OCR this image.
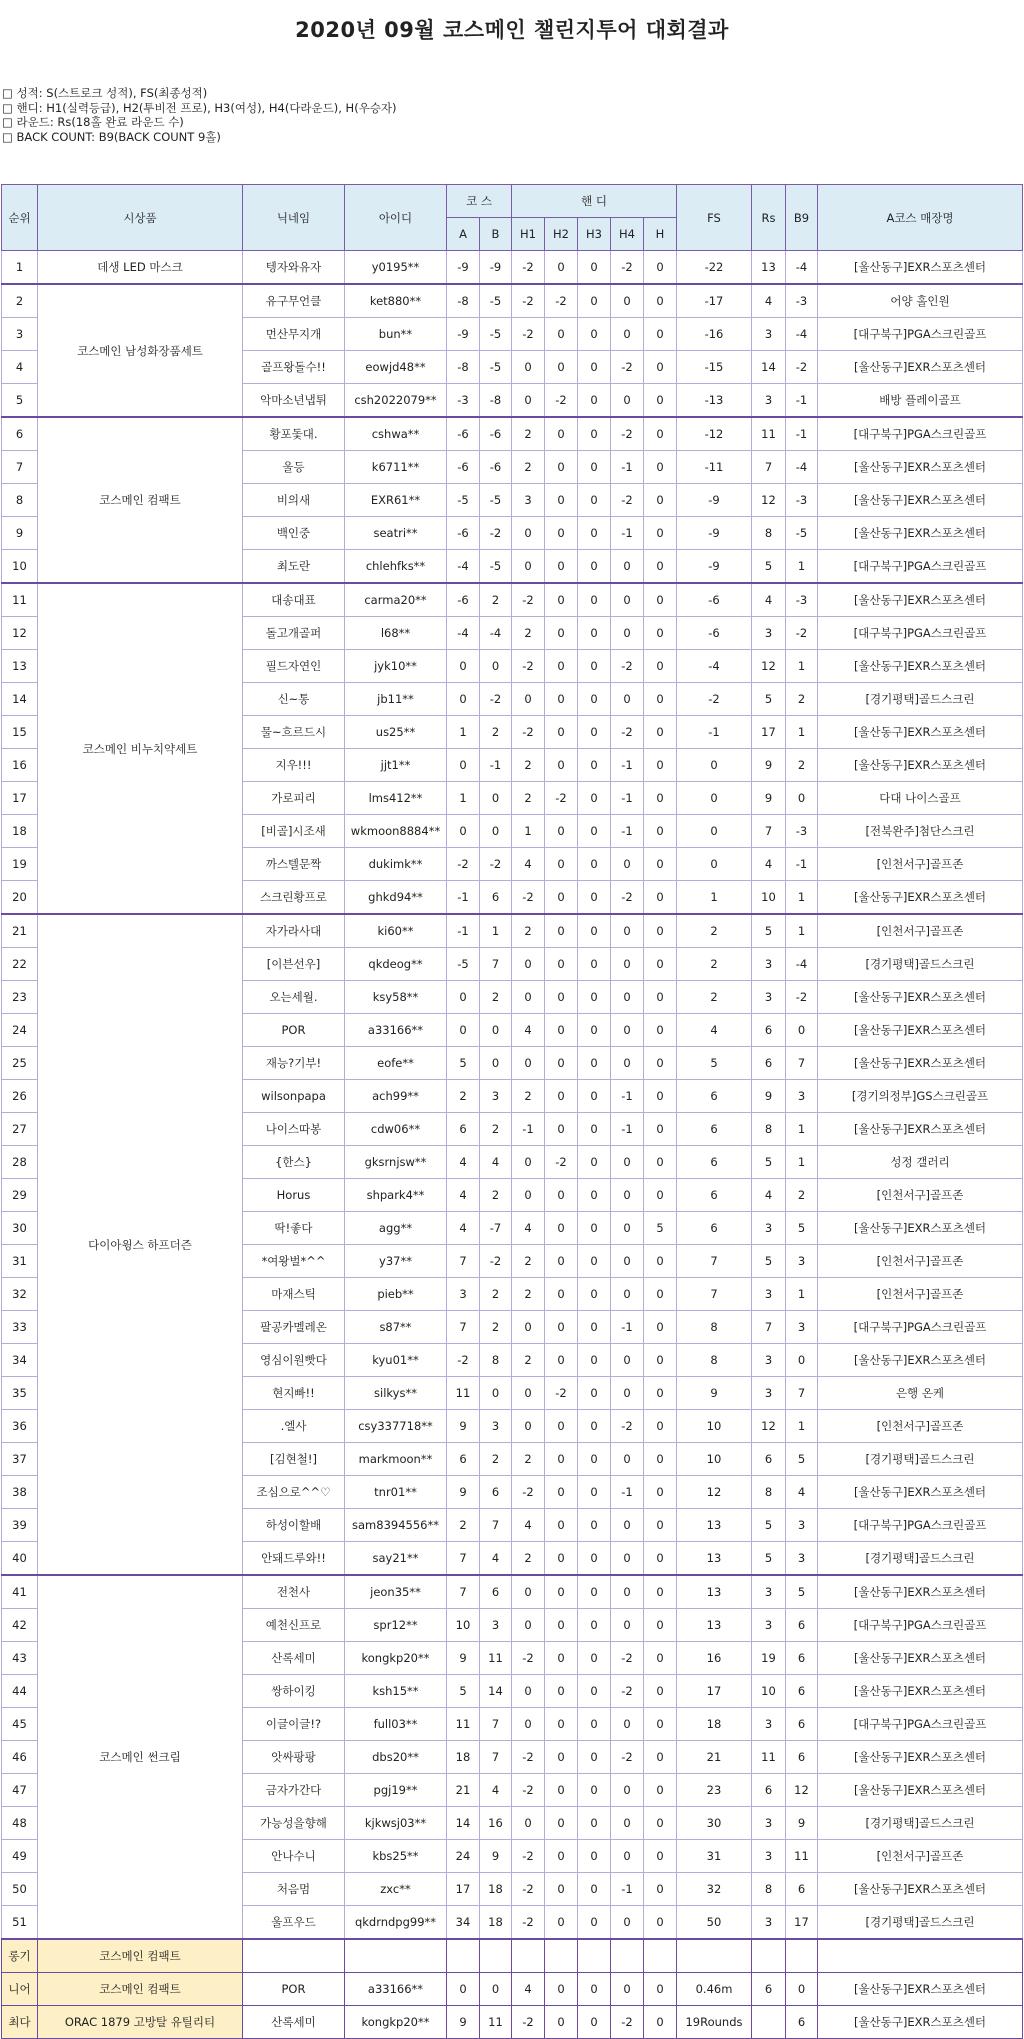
2020년 09월 코스메인 챌린지투어 대회결과
□ 성적: S(스트로크 성적), FS(최종성적)
□ 핸디: H1(실력등급), H2(투비전 프로), H3(여성), H4(다라운드), H(우승자)
□ 라운드: Rs(18홀 완료 라운드 수)
□ BACK COUNT: B9(BACK COUNT 9홀)
순위	시상품	닉네임	아이디	코 스		핸 디					FS	Rs	B9	A코스 매장명
				A	B	H1	H2	H3	H4	H				
1	데생 LED 마스크	텡자와유자	y0195**	-9	-9	-2	0	0	-2	0	-22	13	-4	[울산동구]EXR스포츠센터
2	코스메인 남성화장품세트	유구무언클	ket880**	-8	-5	-2	-2	0	0	0	-17	4	-3	어양 홀인원
3		먼산무지개	bun**	-9	-5	-2	0	0	0	0	-16	3	-4	[대구북구]PGA스크린골프
4		골프왕돌수!!	eowjd48**	-8	-5	0	0	0	-2	0	-15	14	-2	[울산동구]EXR스포츠센터
5		악마소년냅튀	csh2022079**	-3	-8	0	-2	0	0	0	-13	3	-1	배방 플레이골프
6	코스메인 컴팩트	황포돛대.	cshwa**	-6	-6	2	0	0	-2	0	-12	11	-1	[대구북구]PGA스크린골프
7		울등	k6711**	-6	-6	2	0	0	-1	0	-11	7	-4	[울산동구]EXR스포츠센터
8		비의새	EXR61**	-5	-5	3	0	0	-2	0	-9	12	-3	[울산동구]EXR스포츠센터
9		백인중	seatri**	-6	-2	0	0	0	-1	0	-9	8	-5	[울산동구]EXR스포츠센터
10		최도란	chlehfks**	-4	-5	0	0	0	0	0	-9	5	1	[대구북구]PGA스크린골프
11	코스메인 비누치약세트	대송대표	carma20**	-6	2	-2	0	0	0	0	-6	4	-3	[울산동구]EXR스포츠센터
12		돌고개골퍼	l68**	-4	-4	2	0	0	0	0	-6	3	-2	[대구북구]PGA스크린골프
13		필드자연인	jyk10**	0	0	-2	0	0	-2	0	-4	12	1	[울산동구]EXR스포츠센터
14		신~통	jb11**	0	-2	0	0	0	0	0	-2	5	2	[경기평택]골드스크린
15		물~흐르드시	us25**	1	2	-2	0	0	-2	0	-1	17	1	[울산동구]EXR스포츠센터
16		지우!!!	jjt1**	0	-1	2	0	0	-1	0	0	9	2	[울산동구]EXR스포츠센터
17		가로피리	lms412**	1	0	2	-2	0	-1	0	0	9	0	다대 나이스골프
18		[비골]시조새	wkmoon8884**	0	0	1	0	0	-1	0	0	7	-3	[전북완주]첨단스크린
19		까스텔문짝	dukimk**	-2	-2	4	0	0	0	0	0	4	-1	[인천서구]골프존
20		스크린황프로	ghkd94**	-1	6	-2	0	0	-2	0	1	10	1	[울산동구]EXR스포츠센터
21	다이아윙스 하프더즌	자가라사대	ki60**	-1	1	2	0	0	0	0	2	5	1	[인천서구]골프존
22		[이븐선우]	qkdeog**	-5	7	0	0	0	0	0	2	3	-4	[경기평택]골드스크린
23		오는세월.	ksy58**	0	2	0	0	0	0	0	2	3	-2	[울산동구]EXR스포츠센터
24		POR	a33166**	0	0	4	0	0	0	0	4	6	0	[울산동구]EXR스포츠센터
25		재능?기부!	eofe**	5	0	0	0	0	0	0	5	6	7	[울산동구]EXR스포츠센터
26		wilsonpapa	ach99**	2	3	2	0	0	-1	0	6	9	3	[경기의정부]GS스크린골프
27		나이스따봉	cdw06**	6	2	-1	0	0	-1	0	6	8	1	[울산동구]EXR스포츠센터
28		{한스}	gksrnjsw**	4	4	0	-2	0	0	0	6	5	1	성정 갤러리
29		Horus	shpark4**	4	2	0	0	0	0	0	6	4	2	[인천서구]골프존
30		딱!좋다	agg**	4	-7	4	0	0	0	5	6	3	5	[울산동구]EXR스포츠센터
31		*여왕벌*^^	y37**	7	-2	2	0	0	0	0	7	5	3	[인천서구]골프존
32		마재스틱	pieb**	3	2	2	0	0	0	0	7	3	1	[인천서구]골프존
33		팔공카멜레온	s87**	7	2	0	0	0	-1	0	8	7	3	[대구북구]PGA스크린골프
34		영심이원빳다	kyu01**	-2	8	2	0	0	0	0	8	3	0	[울산동구]EXR스포츠센터
35		현지빠!!	silkys**	11	0	0	-2	0	0	0	9	3	7	은행 온케
36		.엘사	csy337718**	9	3	0	0	0	-2	0	10	12	1	[인천서구]골프존
37		[김현철!]	markmoon**	6	2	2	0	0	0	0	10	6	5	[경기평택]골드스크린
38		조심으로^^♡	tnr01**	9	6	-2	0	0	-1	0	12	8	4	[울산동구]EXR스포츠센터
39		하성이할배	sam8394556**	2	7	4	0	0	0	0	13	5	3	[대구북구]PGA스크린골프
40		안돼드루와!!	say21**	7	4	2	0	0	0	0	13	5	3	[경기평택]골드스크린
41	코스메인 썬크림	전천사	jeon35**	7	6	0	0	0	0	0	13	3	5	[울산동구]EXR스포츠센터
42		예천신프로	spr12**	10	3	0	0	0	0	0	13	3	6	[대구북구]PGA스크린골프
43		산록세미	kongkp20**	9	11	-2	0	0	-2	0	16	19	6	[울산동구]EXR스포츠센터
44		쌍하이킹	ksh15**	5	14	0	0	0	-2	0	17	10	6	[울산동구]EXR스포츠센터
45		이글이글!?	full03**	11	7	0	0	0	0	0	18	3	6	[대구북구]PGA스크린골프
46		앗싸팡팡	dbs20**	18	7	-2	0	0	-2	0	21	11	6	[울산동구]EXR스포츠센터
47		금자가간다	pgj19**	21	4	-2	0	0	0	0	23	6	12	[울산동구]EXR스포츠센터
48		가능성을향해	kjkwsj03**	14	16	0	0	0	0	0	30	3	9	[경기평택]골드스크린
49		안나수니	kbs25**	24	9	-2	0	0	0	0	31	3	11	[인천서구]골프존
50		처음멈	zxc**	17	18	-2	0	0	-1	0	32	8	6	[울산동구]EXR스포츠센터
51		울프우드	qkdrndpg99**	34	18	-2	0	0	0	0	50	3	17	[경기평택]골드스크린
롱기	코스메인 컴팩트													
니어	코스메인 컴팩트	POR	a33166**	0	0	4	0	0	0	0	0.46m	6	0	[울산동구]EXR스포츠센터
최다	ORAC 1879 고방탈 유틸리티	산록세미	kongkp20**	9	11	-2	0	0	-2	0	19Rounds		6	[울산동구]EXR스포츠센터
